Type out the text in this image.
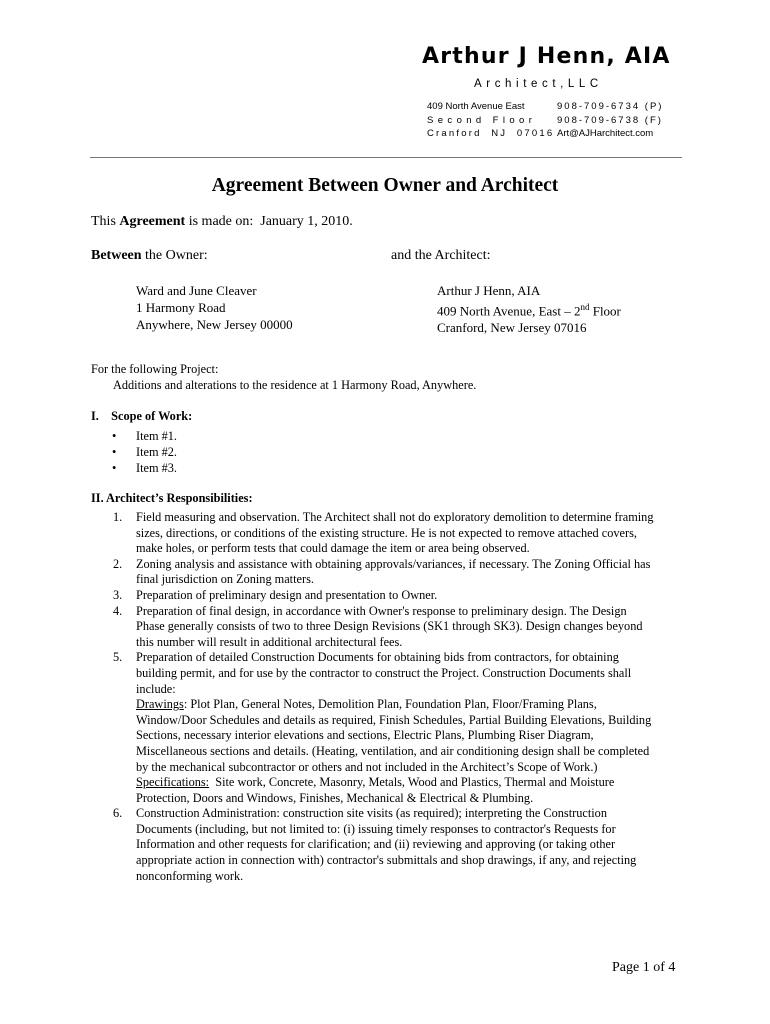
Arthur J Henn, AIA
Architect,LLC
409 North Avenue East
Second Floor
Cranford  NJ  07016
908-709-6734 (P)
908-709-6738 (F)
Art@AJHarchitect.com
Agreement Between Owner and Architect
This Agreement is made on:  January 1, 2010.
Between the Owner:	and the Architect:
Ward and June Cleaver
1 Harmony Road
Anywhere, New Jersey 00000
Arthur J Henn, AIA
409 North Avenue, East – 2nd Floor
Cranford, New Jersey 07016
For the following Project:
Additions and alterations to the residence at 1 Harmony Road, Anywhere.
I.    Scope of Work:
•	Item #1.
•	Item #2.
•	Item #3.
II. Architect’s Responsibilities:
1. Field measuring and observation. The Architect shall not do exploratory demolition to determine framing
sizes, directions, or conditions of the existing structure. He is not expected to remove attached covers,
make holes, or perform tests that could damage the item or area being observed.
2. Zoning analysis and assistance with obtaining approvals/variances, if necessary. The Zoning Official has
final jurisdiction on Zoning matters.
3. Preparation of preliminary design and presentation to Owner.
4. Preparation of final design, in accordance with Owner's response to preliminary design. The Design
Phase generally consists of two to three Design Revisions (SK1 through SK3). Design changes beyond
this number will result in additional architectural fees.
5. Preparation of detailed Construction Documents for obtaining bids from contractors, for obtaining
building permit, and for use by the contractor to construct the Project. Construction Documents shall
include:
Drawings: Plot Plan, General Notes, Demolition Plan, Foundation Plan, Floor/Framing Plans,
Window/Door Schedules and details as required, Finish Schedules, Partial Building Elevations, Building
Sections, necessary interior elevations and sections, Electric Plans, Plumbing Riser Diagram,
Miscellaneous sections and details. (Heating, ventilation, and air conditioning design shall be completed
by the mechanical subcontractor or others and not included in the Architect’s Scope of Work.)
Specifications:  Site work, Concrete, Masonry, Metals, Wood and Plastics, Thermal and Moisture
Protection, Doors and Windows, Finishes, Mechanical & Electrical & Plumbing.
6. Construction Administration: construction site visits (as required); interpreting the Construction
Documents (including, but not limited to: (i) issuing timely responses to contractor's Requests for
Information and other requests for clarification; and (ii) reviewing and approving (or taking other
appropriate action in connection with) contractor's submittals and shop drawings, if any, and rejecting
nonconforming work.
Page 1 of 4
